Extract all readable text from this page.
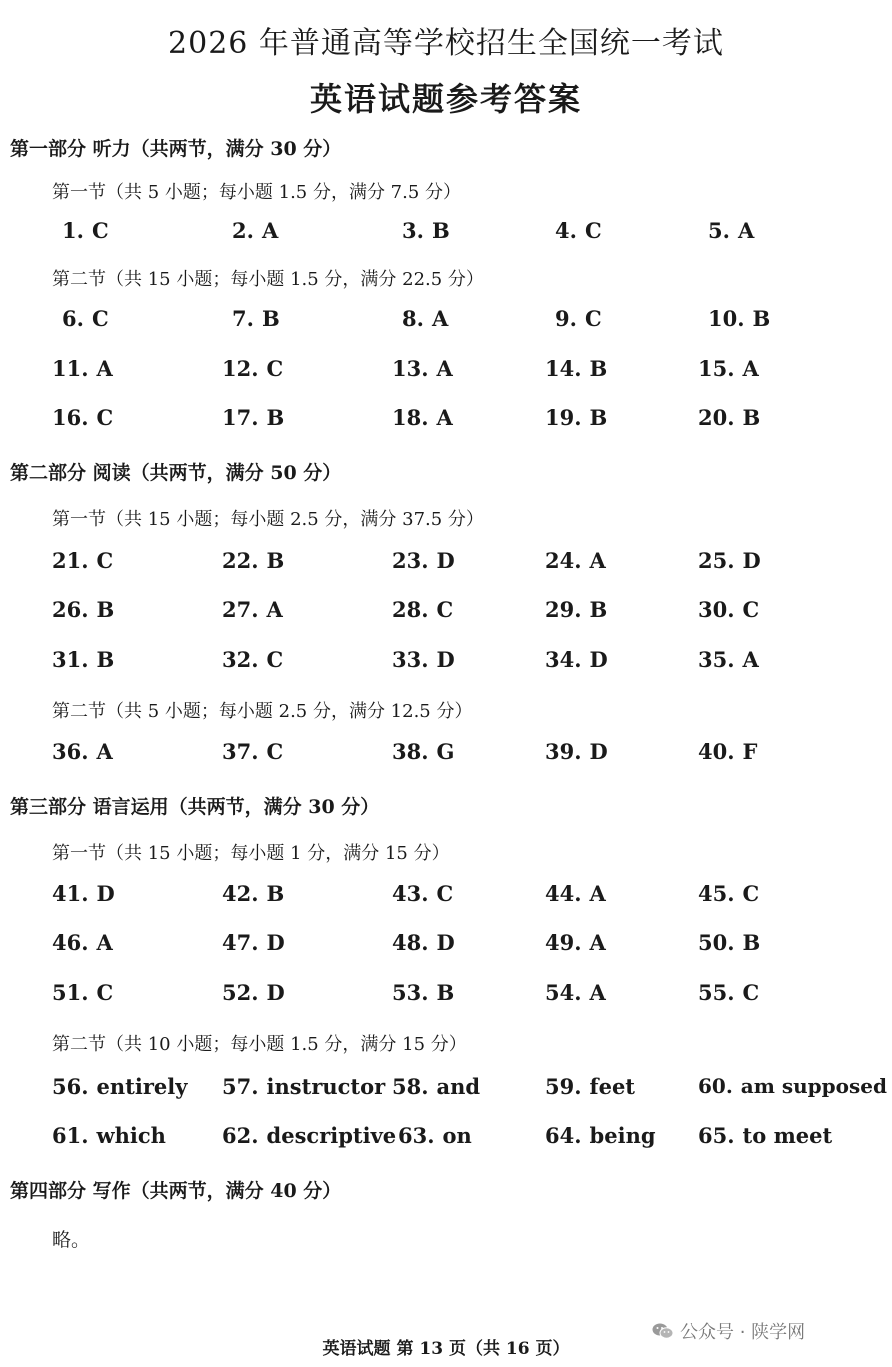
2026 年普通高等学校招生全国统一考试
英语试题参考答案
第一部分 听力（共两节，满分 30 分）
第一节（共 5 小题；每小题 1.5 分，满分 7.5 分）
1. C	2. A	3. B	4. C	5. A
第二节（共 15 小题；每小题 1.5 分，满分 22.5 分）
6. C	7. B	8. A	9. C	10. B
11. A	12. C	13. A	14. B	15. A
16. C	17. B	18. A	19. B	20. B
第二部分 阅读（共两节，满分 50 分）
第一节（共 15 小题；每小题 2.5 分，满分 37.5 分）
21. C	22. B	23. D	24. A	25. D
26. B	27. A	28. C	29. B	30. C
31. B	32. C	33. D	34. D	35. A
第二节（共 5 小题；每小题 2.5 分，满分 12.5 分）
36. A	37. C	38. G	39. D	40. F
第三部分 语言运用（共两节，满分 30 分）
第一节（共 15 小题；每小题 1 分，满分 15 分）
41. D	42. B	43. C	44. A	45. C
46. A	47. D	48. D	49. A	50. B
51. C	52. D	53. B	54. A	55. C
第二节（共 10 小题；每小题 1.5 分，满分 15 分）
56. entirely 57. instructor 58. and	59. feet	60. am supposed
61. which	62. descriptive 63. on	64. being 65. to meet
第四部分 写作（共两节，满分 40 分）
略。
公众号 · 陕学网
英语试题 第 13 页（共 16 页）
